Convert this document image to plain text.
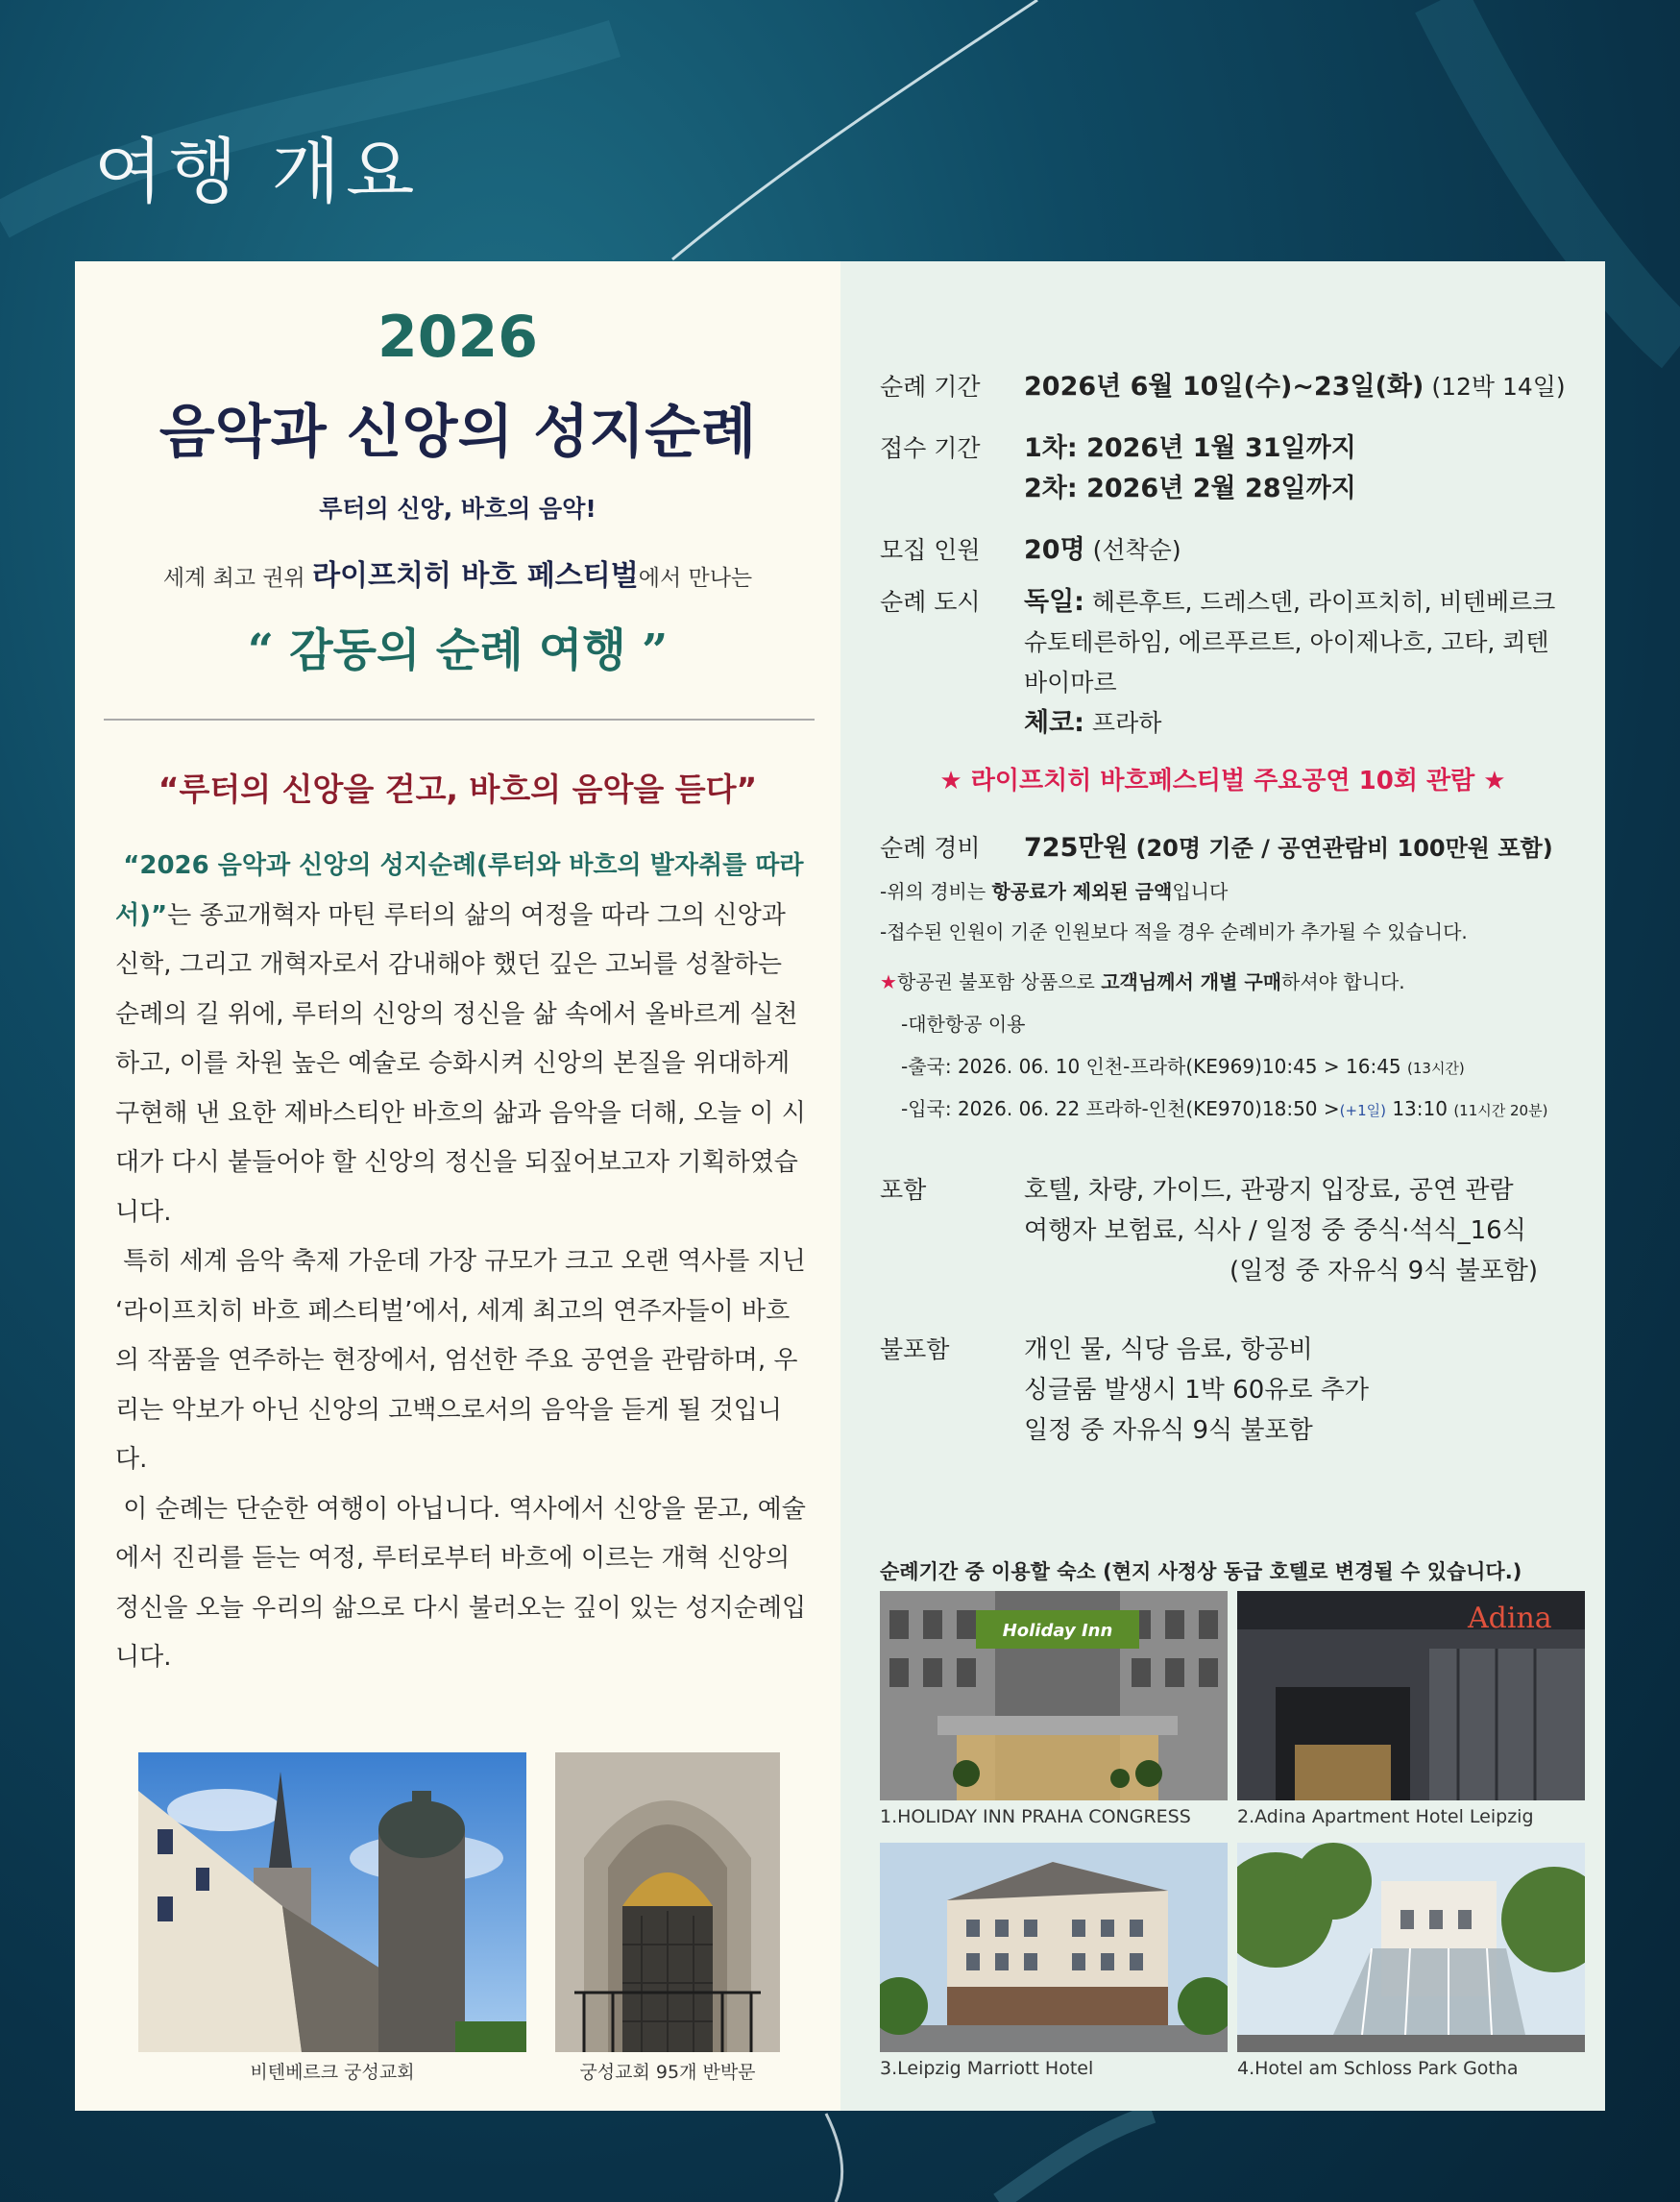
여행 개요
2026
음악과 신앙의 성지순례
루터의 신앙, 바흐의 음악!
세계 최고 권위 라이프치히 바흐 페스티벌에서 만나는
“ 감동의 순례 여행 ”
“루터의 신앙을 걷고, 바흐의 음악을 듣다”

“2026 음악과 신앙의 성지순례(루터와 바흐의 발자취를 따라서)”는 종교개혁자 마틴 루터의 삶의 여정을 따라 그의 신앙과 신학, 그리고 개혁자로서 감내해야 했던 깊은 고뇌를 성찰하는 순례의 길 위에, 루터의 신앙의 정신을 삶 속에서 올바르게 실천하고, 이를 차원 높은 예술로 승화시켜 신앙의 본질을 위대하게 구현해 낸 요한 제바스티안 바흐의 삶과 음악을 더해, 오늘 이 시대가 다시 붙들어야 할 신앙의 정신을 되짚어보고자 기획하였습니다.

특히 세계 음악 축제 가운데 가장 규모가 크고 오랜 역사를 지닌 ‘라이프치히 바흐 페스티벌’에서, 세계 최고의 연주자들이 바흐의 작품을 연주하는 현장에서, 엄선한 주요 공연을 관람하며, 우리는 악보가 아닌 신앙의 고백으로서의 음악을 듣게 될 것입니다.

이 순례는 단순한 여행이 아닙니다. 역사에서 신앙을 묻고, 예술에서 진리를 듣는 여정, 루터로부터 바흐에 이르는 개혁 신앙의 정신을 오늘 우리의 삶으로 다시 불러오는 깊이 있는 성지순례입니다.

비텐베르크 궁성교회	궁성교회 95개 반박문
순례 기간 2026년 6월 10일(수)~23일(화) (12박 14일)
접수 기간 1차: 2026년 1월 31일까지
2차: 2026년 2월 28일까지
모집 인원 20명 (선착순)
순례 도시 독일: 헤른후트, 드레스덴, 라이프치히, 비텐베르크
슈토테른하임, 에르푸르트, 아이제나흐, 고타, 쾨텐
바이마르
체코: 프라하
★ 라이프치히 바흐페스티벌 주요공연 10회 관람 ★
순례 경비 725만원 (20명 기준 / 공연관람비 100만원 포함)
-위의 경비는 항공료가 제외된 금액입니다
-접수된 인원이 기준 인원보다 적을 경우 순례비가 추가될 수 있습니다.
★항공권 불포함 상품으로 고객님께서 개별 구매하셔야 합니다.
-대한항공 이용
-출국: 2026. 06. 10 인천-프라하(KE969)10:45 > 16:45 (13시간)
-입국: 2026. 06. 22 프라하-인천(KE970)18:50 >(+1일) 13:10 (11시간 20분)
포함	호텔, 차량, 가이드, 관광지 입장료, 공연 관람
여행자 보험료, 식사 / 일정 중 중식·석식_16식
(일정 중 자유식 9식 불포함)
불포함	개인 물, 식당 음료, 항공비
싱글룸 발생시 1박 60유로 추가
일정 중 자유식 9식 불포함
순례기간 중 이용할 숙소 (현지 사정상 동급 호텔로 변경될 수 있습니다.)
Holiday Inn
1.HOLIDAY INN PRAHA CONGRESS
Adina
2.Adina Apartment Hotel Leipzig
3.Leipzig Marriott Hotel	4.Hotel am Schloss Park Gotha
